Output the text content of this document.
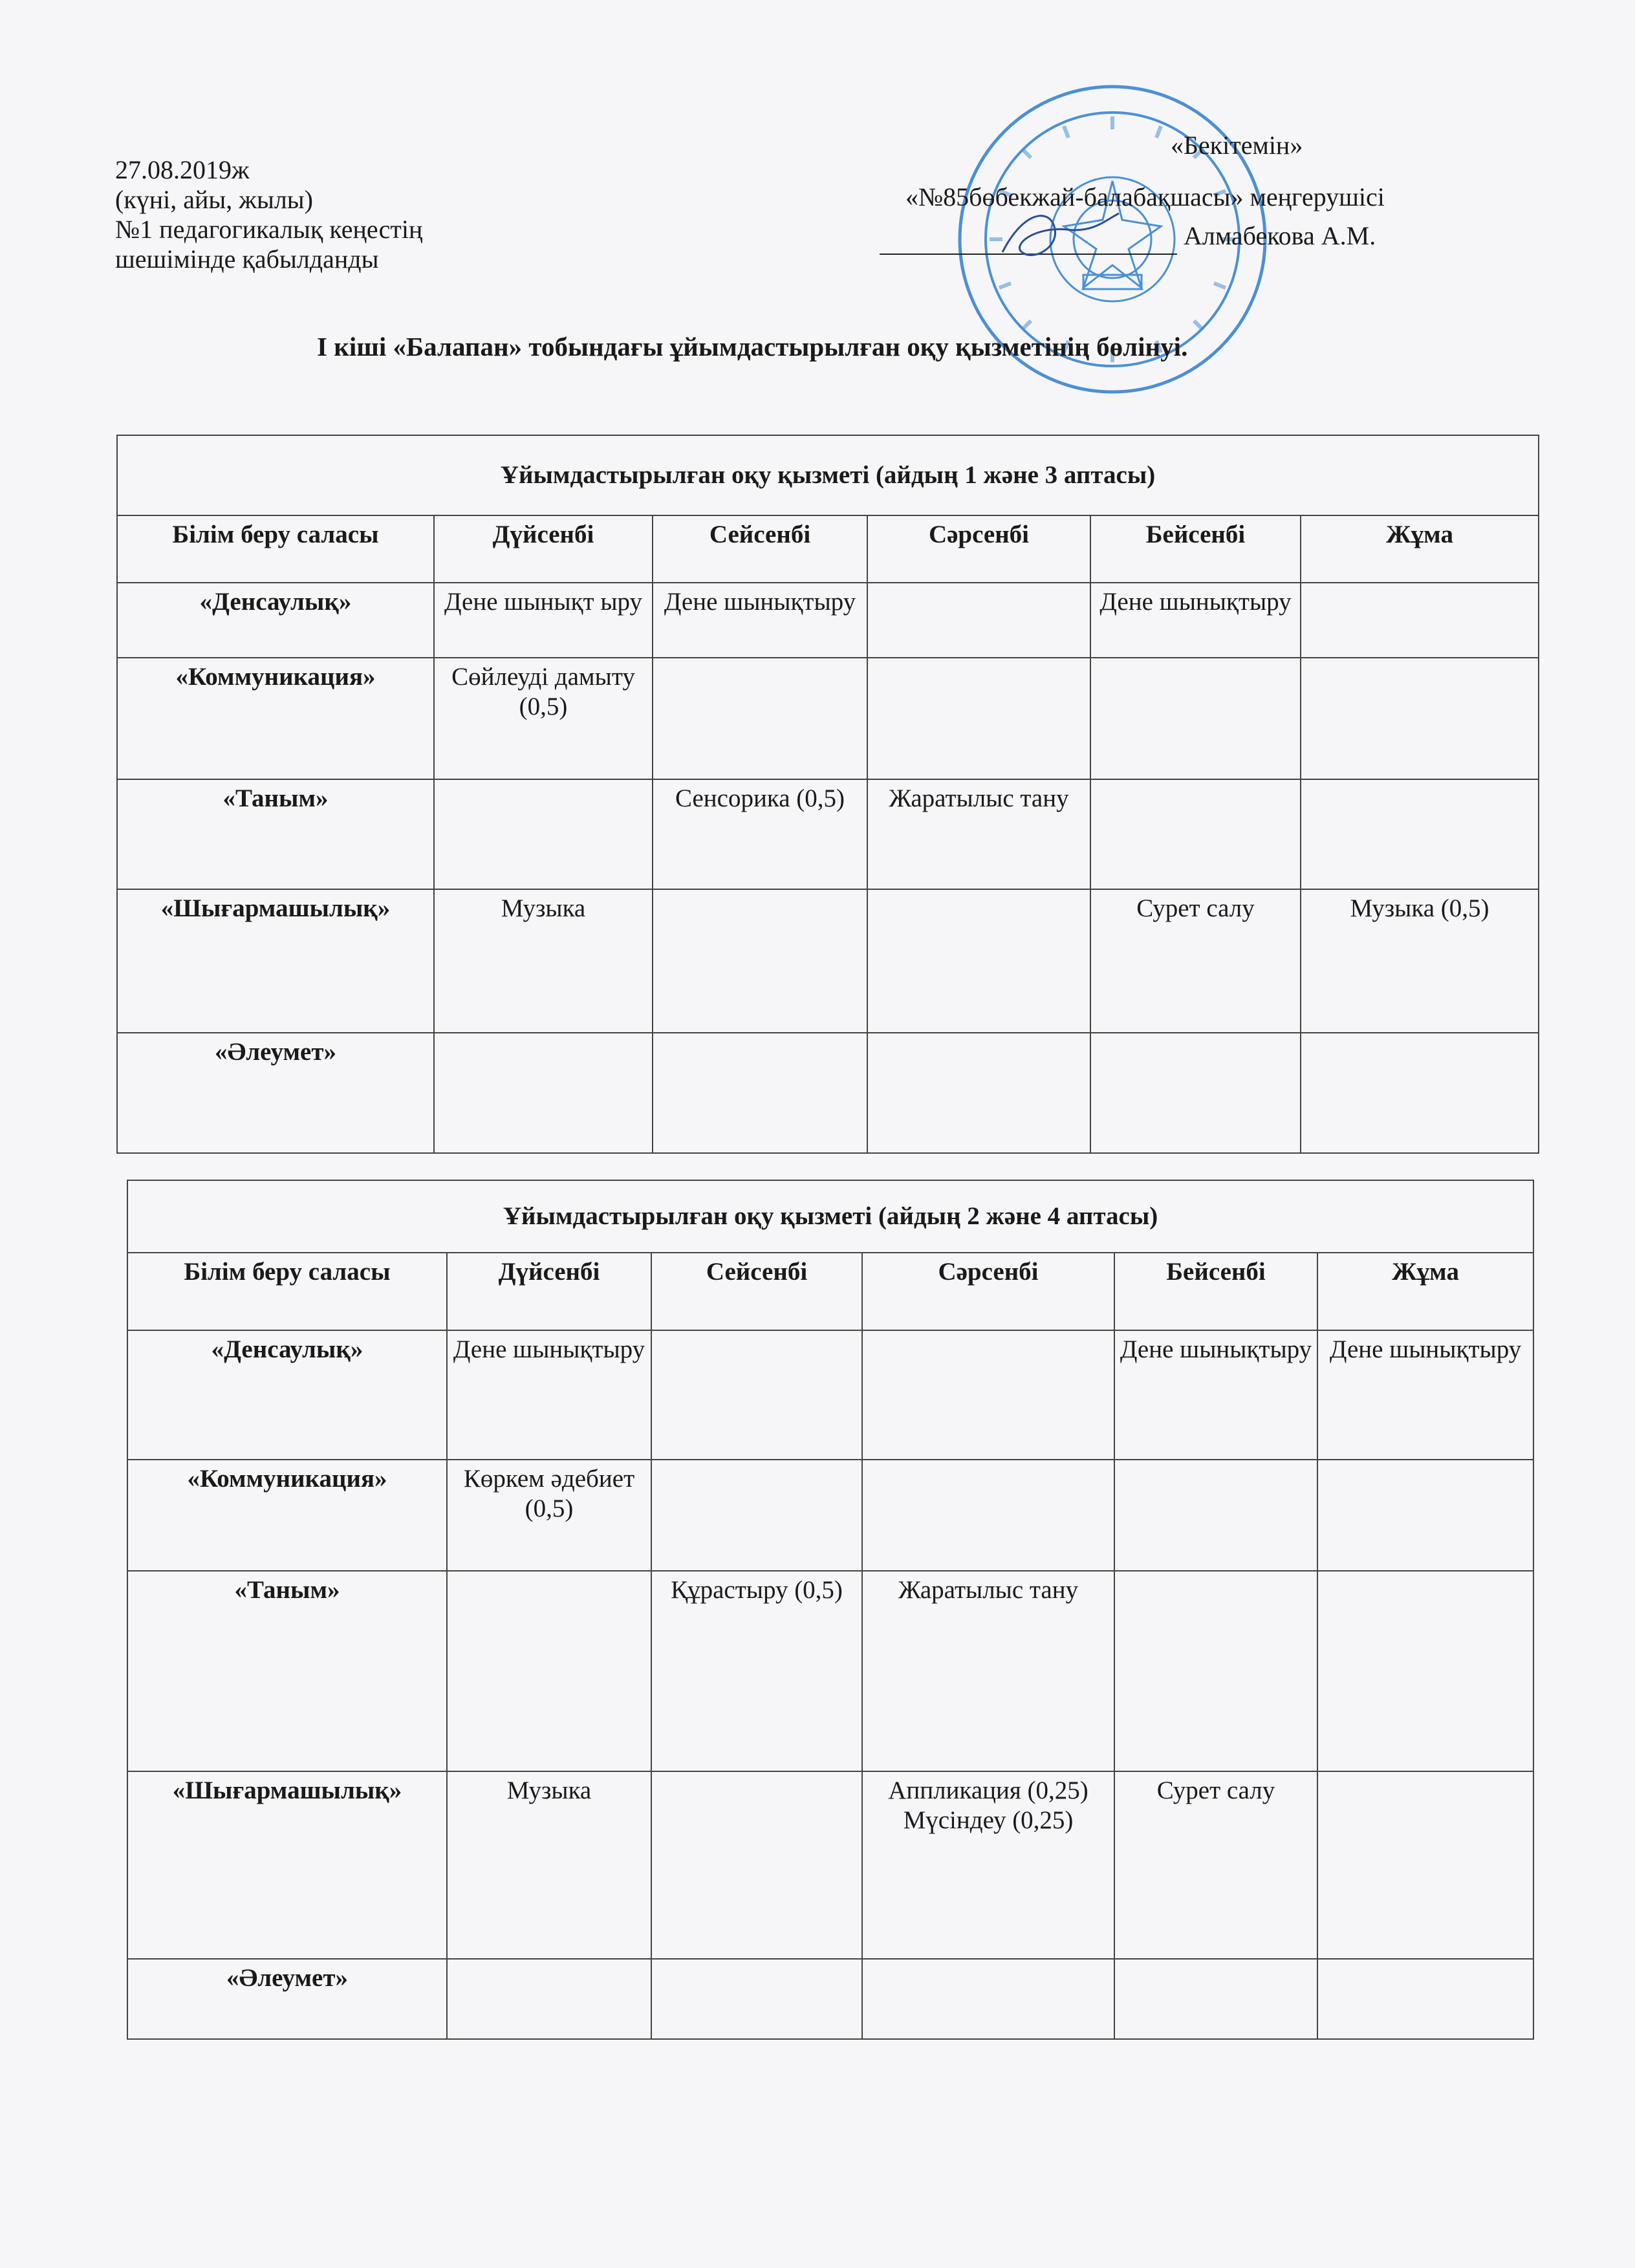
27.08.2019ж
(күні, айы, жылы)
№1 педагогикалық кеңестің
шешімінде қабылданды
«Бекітемін»
«№85бөбекжай-балабақшасы» меңгерушісі
Алмабекова А.М.
І кіші «Балапан» тобындағы ұйымдастырылған оқу қызметінің бөлінуі.
Ұйымдастырылған оқу қызметі (айдың 1 және 3 аптасы)					
Білім беру саласы	Дүйсенбі	Сейсенбі	Сәрсенбі	Бейсенбі	Жұма
«Денсаулық»	Дене шынықт ыру	Дене шынықтыру		Дене шынықтыру	
«Коммуникация»	Сөйлеуді дамыту (0,5)				
«Таным»		Сенсорика (0,5)	Жаратылыс тану		
«Шығармашылық»	Музыка			Сурет салу	Музыка (0,5)
«Әлеумет»					
Ұйымдастырылған оқу қызметі (айдың 2 және 4 аптасы)					
Білім беру саласы	Дүйсенбі	Сейсенбі	Сәрсенбі	Бейсенбі	Жұма
«Денсаулық»	Дене шынықтыру			Дене шынықтыру	Дене шынықтыру
«Коммуникация»	Көркем әдебиет (0,5)				
«Таным»		Құрастыру (0,5)	Жаратылыс тану		
«Шығармашылық»	Музыка		Аппликация (0,25) Мүсіндеу (0,25)	Сурет салу	
«Әлеумет»					
